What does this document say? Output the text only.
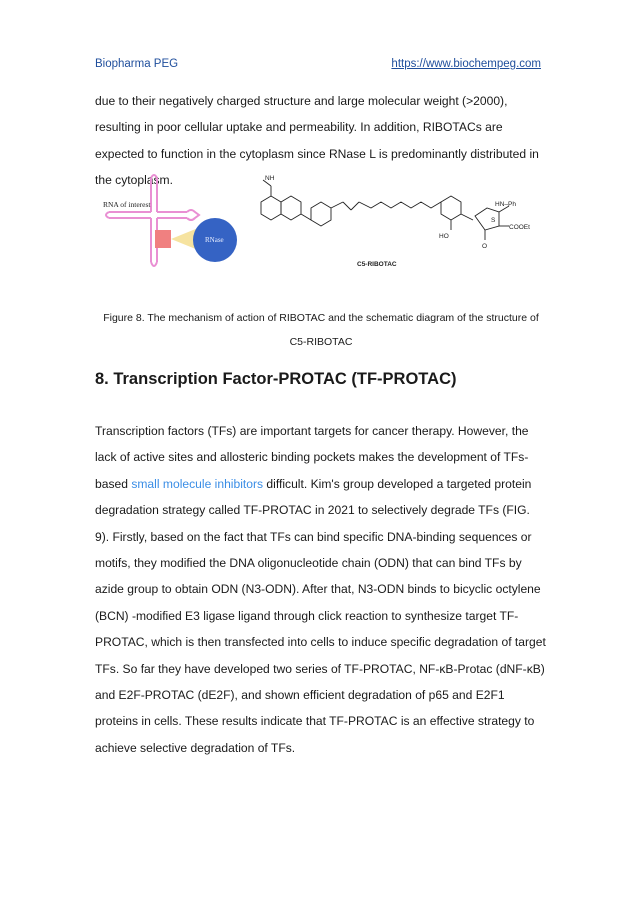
Biopharma PEG	https://www.biochempeg.com
due to their negatively charged structure and large molecular weight (>2000), resulting in poor cellular uptake and permeability. In addition, RIBOTACs are expected to function in the cytoplasm since RNase L is predominantly distributed in the cytoplasm.
RNA of interest
RNase
NH
HN–Ph
COOEt
HO
S
O
C5-RIBOTAC
Figure 8. The mechanism of action of RIBOTAC and the schematic diagram of the structure of
C5-RIBOTAC
8. Transcription Factor-PROTAC (TF-PROTAC)
Transcription factors (TFs) are important targets for cancer therapy. However, the lack of active sites and allosteric binding pockets makes the development of TFs-based small molecule inhibitors difficult. Kim's group developed a targeted protein degradation strategy called TF-PROTAC in 2021 to selectively degrade TFs (FIG. 9). Firstly, based on the fact that TFs can bind specific DNA-binding sequences or motifs, they modified the DNA oligonucleotide chain (ODN) that can bind TFs by azide group to obtain ODN (N3-ODN). After that, N3-ODN binds to bicyclic octylene (BCN) -modified E3 ligase ligand through click reaction to synthesize target TF-PROTAC, which is then transfected into cells to induce specific degradation of target TFs. So far they have developed two series of TF-PROTAC, NF-κB-Protac (dNF-κB) and E2F-PROTAC (dE2F), and shown efficient degradation of p65 and E2F1 proteins in cells. These results indicate that TF-PROTAC is an effective strategy to achieve selective degradation of TFs.
